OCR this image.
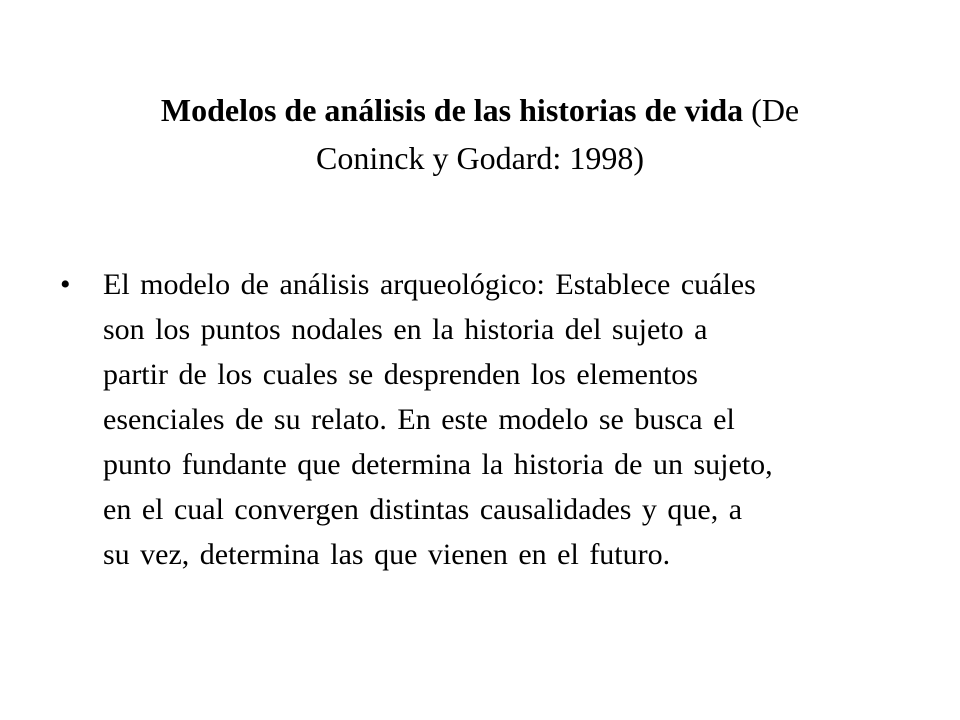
Modelos de análisis de las historias de vida (De
Coninck y Godard: 1998)
• El modelo de análisis arqueológico: Establece cuáles
son los puntos nodales en la historia del sujeto a
partir de los cuales se desprenden los elementos
esenciales de su relato. En este modelo se busca el
punto fundante que determina la historia de un sujeto,
en el cual convergen distintas causalidades y que, a
su vez, determina las que vienen en el futuro.
